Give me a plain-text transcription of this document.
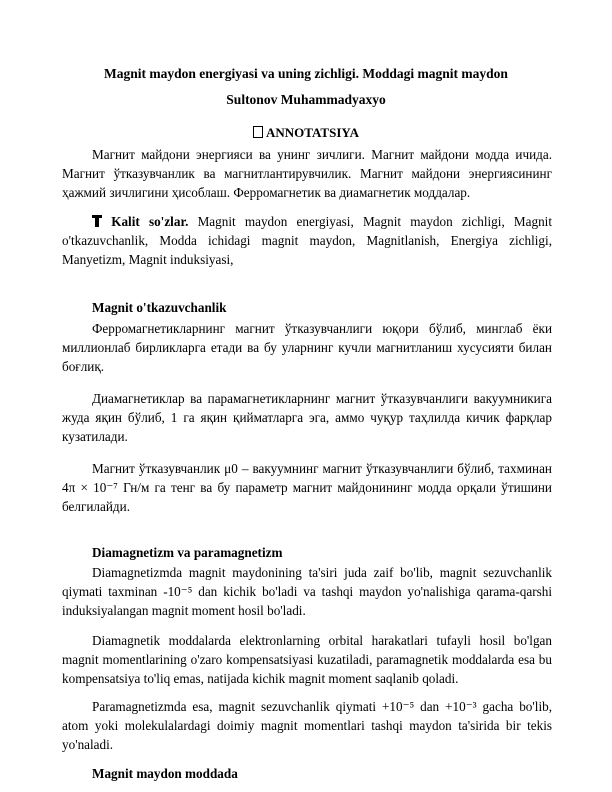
Magnit maydon energiyasi va uning zichligi. Moddagi magnit maydon
Sultonov Muhammadyaxyo
ANNOTATSIYA

Магнит майдони энергияси ва унинг зичлиги. Магнит майдони модда ичида. Магнит ўтказувчанлик ва магнитлантирувчилик. Магнит майдони энергиясининг ҳажмий зичлигини ҳисоблаш. Ферромагнетик ва диамагнетик моддалар.

Kalit so'zlar. Magnit maydon energiyasi, Magnit maydon zichligi, Magnit o'tkazuvchanlik, Modda ichidagi magnit maydon, Magnitlanish, Energiya zichligi, Manyetizm, Magnit induksiyasi,

Magnit o'tkazuvchanlik

Ферромагнетикларнинг магнит ўтказувчанлиги юқори бўлиб, минглаб ёки миллионлаб бирликларга етади ва бу уларнинг кучли магнитланиш хусусияти билан боғлиқ.

Диамагнетиклар ва парамагнетикларнинг магнит ўтказувчанлиги вакуумникига жуда яқин бўлиб, 1 га яқин қийматларга эга, аммо чуқур таҳлилда кичик фарқлар кузатилади.

Магнит ўтказувчанлик μ0 – вакуумнинг магнит ўтказувчанлиги бўлиб, тахминан 4π × 10⁻⁷ Гн/м га тенг ва бу параметр магнит майдонининг модда орқали ўтишини белгилайди.

Diamagnetizm va paramagnetizm

Diamagnetizmda magnit maydonining ta'siri juda zaif bo'lib, magnit sezuvchanlik qiymati taxminan -10⁻⁵ dan kichik bo'ladi va tashqi maydon yo'nalishiga qarama-qarshi induksiyalangan magnit moment hosil bo'ladi.

Diamagnetik moddalarda elektronlarning orbital harakatlari tufayli hosil bo'lgan magnit momentlarining o'zaro kompensatsiyasi kuzatiladi, paramagnetik moddalarda esa bu kompensatsiya to'liq emas, natijada kichik magnit moment saqlanib qoladi.

Paramagnetizmda esa, magnit sezuvchanlik qiymati +10⁻⁵ dan +10⁻³ gacha bo'lib, atom yoki molekulalardagi doimiy magnit momentlari tashqi maydon ta'sirida bir tekis yo'naladi.

Magnit maydon moddada
